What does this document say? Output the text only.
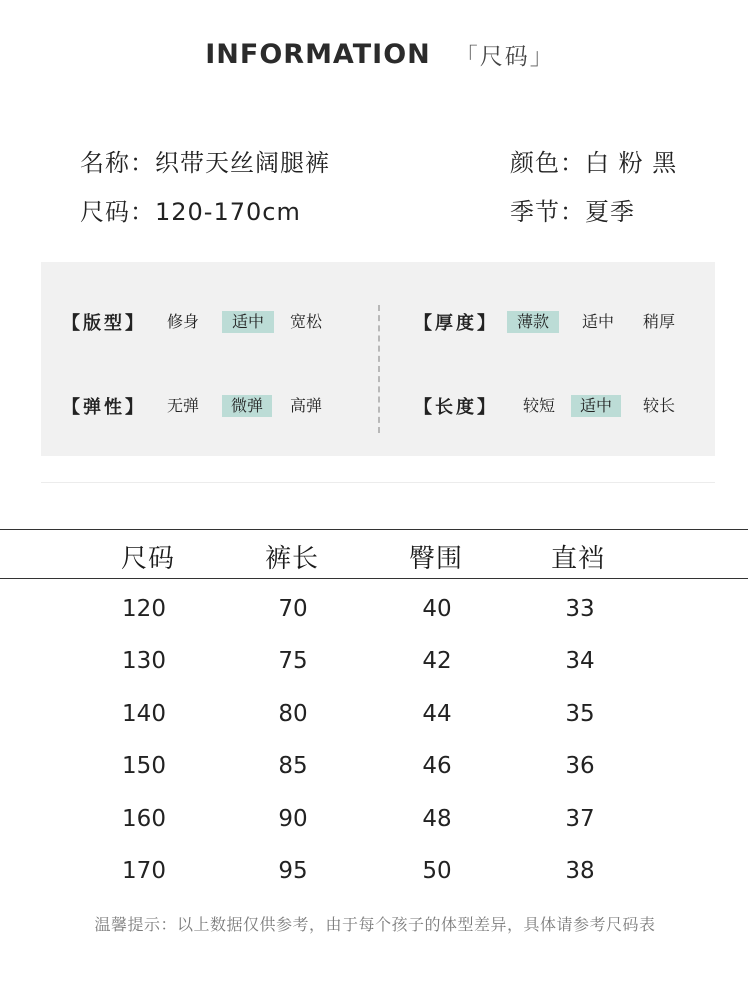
INFORMATION 「尺码」
名称：织带天丝阔腿裤
尺码：120-170cm
颜色：白 粉 黑
季节：夏季
【版型】	修身	适中	宽松
【弹性】	无弹	微弹	高弹
【厚度】	薄款	适中	稍厚
【长度】	较短	适中	较长
尺码	裤长	臀围	直裆
120	70	40	33
130	75	42	34
140	80	44	35
150	85	46	36
160	90	48	37
170	95	50	38
温馨提示：以上数据仅供参考，由于每个孩子的体型差异，具体请参考尺码表
